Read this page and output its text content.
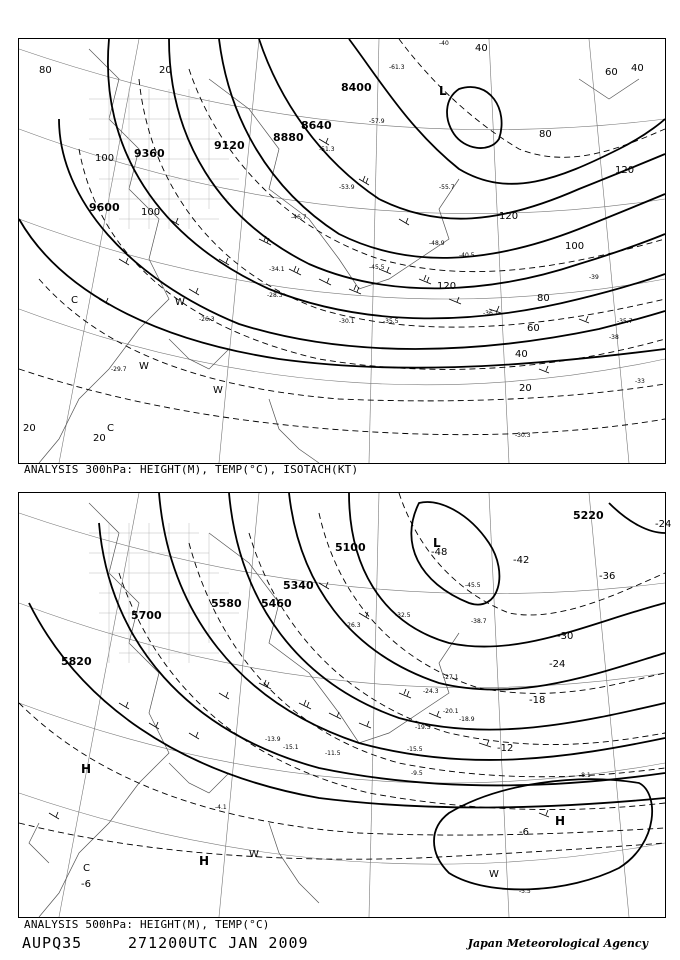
8400
8640
8880
9120
9360
9600
20
40
60
80
100
120
20
20
20
100
100
120
80
40
40
60
80
120
-61.3
-57.9
-55.7
-53.9
-51.3
-48.9
-46.7
-45.5
-40.5
-36.1
-35.5	-35.7
-34.1
-30.1
-29.7
-28.3
-30.3
-26.3
-40
-39
-38
-33
L
C
C
W
W
W
ANALYSIS 300hPa: HEIGHT(M), TEMP(°C), ISOTACH(KT)
5100
5220
5340
5460
5580
5700
5820
-48
-42
-36
-30
-24
-18
-12
-6
-6
-24
-45.5
-38.7
-32.5
-27.1
-26.3
-24.3
-20.1
-19.3
-18.9
-15.5
-15.1
-13.9
-11.5
-9.5	-8.1
-5.5
-4.1
L
H
H
H
W
W
C
ANALYSIS 500hPa: HEIGHT(M), TEMP(°C)
AUPQ35	271200UTC JAN 2009	Japan Meteorological Agency
